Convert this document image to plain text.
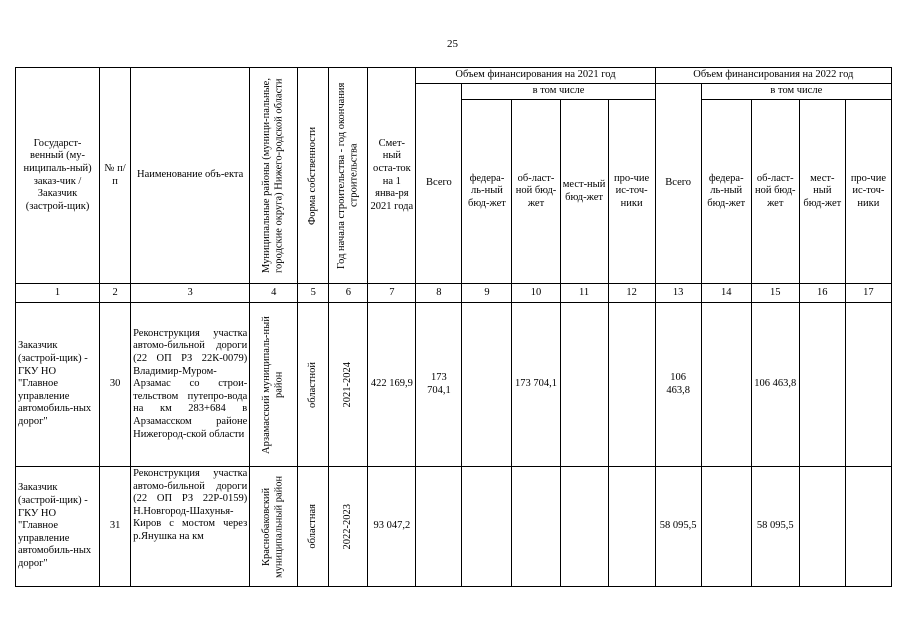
25
Государст-венный (му-ниципаль-ный) заказ-чик / Заказчик (застрой-щик)	№ п/п	Наименование объ-екта	Муниципальные районы (муници-пальные, городские округа) Нижего-родской области	Форма собственности	Год начала строительства - год окончания строительства	Смет-ный оста-ток на 1 янва-ря 2021 года	Объем финансирования на 2021 год					Объем финансирования на 2022 год				
							Всего	в том числе				Всего	в том числе			
								федера-ль-ный бюд-жет	об-ласт-ной бюд-жет	мест-ный бюд-жет	про-чие ис-точ-ники		федера-ль-ный бюд-жет	об-ласт-ной бюд-жет	мест-ный бюд-жет	про-чие ис-точ-ники
1	2	3	4	5	6	7	8	9	10	11	12	13	14	15	16	17
Заказчик (застрой-щик) - ГКУ НО "Главное управление автомобиль-ных дорог"	30	Реконструкция участка автомо-бильной дороги (22 ОП РЗ 22К-0079) Владимир-Муром-Арзамас со строи-тельством путепро-вода на км 283+684 в Арзамасском районе Нижегород-ской области	Арзамасский муниципаль-ный район	областной	2021-2024	422 169,9	173 704,1		173 704,1			106 463,8		106 463,8		
Заказчик (застрой-щик) - ГКУ НО "Главное управление автомобиль-ных дорог"	31	Реконструкция участка автомо-бильной дороги (22 ОП РЗ 22Р-0159) Н.Новгород-Шахунья-Киров с мостом через р.Янушка на км	Краснобаковский муниципальный район	областная	2022-2023	93 047,2						58 095,5		58 095,5		
